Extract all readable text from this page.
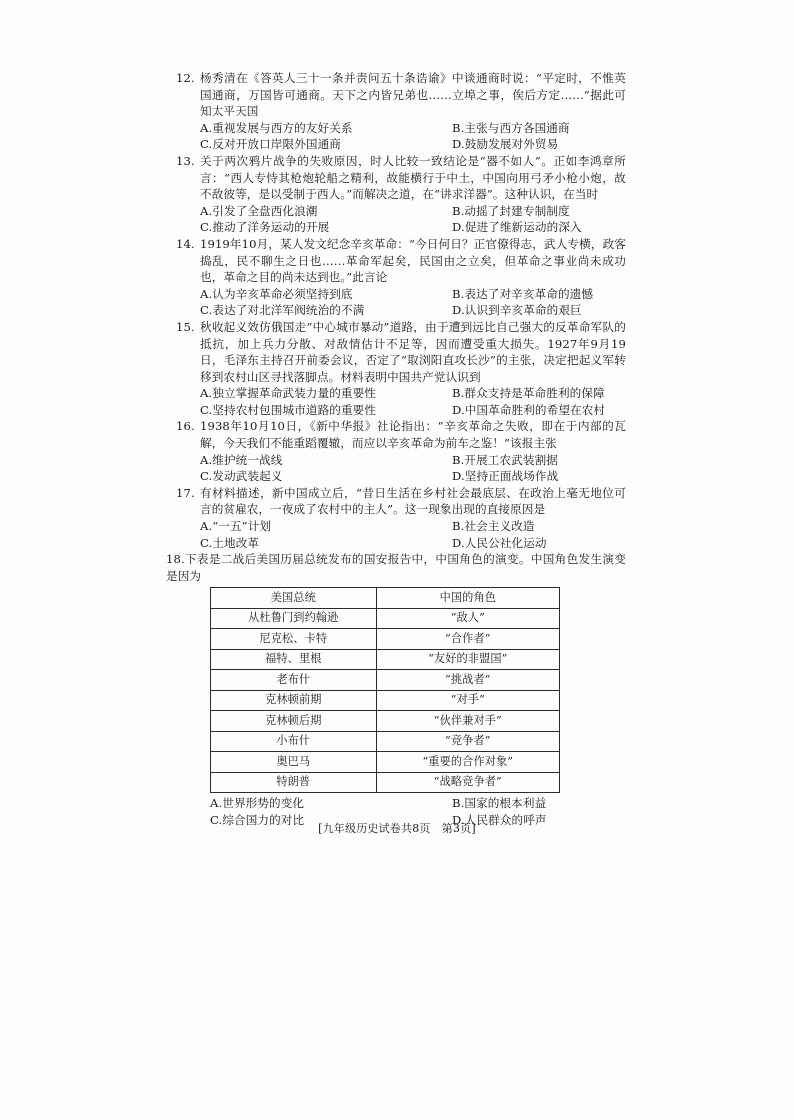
12. 杨秀清在《答英人三十一条并责问五十条诰谕》中谈通商时说：“平定时，不惟英国通商，万国皆可通商。天下之内皆兄弟也……立埠之事，俟后方定……”据此可知太平天国
A.重视发展与西方的友好关系	B.主张与西方各国通商
C.反对开放口岸限外国通商	D.鼓励发展对外贸易
13. 关于两次鸦片战争的失败原因，时人比较一致结论是“器不如人”。正如李鸿章所言：“西人专恃其枪炮轮船之精利，故能横行于中土，中国向用弓矛小枪小炮，故不敌彼等，是以受制于西人。”而解决之道，在“讲求洋器”。这种认识，在当时
A.引发了全盘西化浪潮	B.动摇了封建专制制度
C.推动了洋务运动的开展	D.促进了维新运动的深入
14. 1919年10月，某人发文纪念辛亥革命：“今日何日？正官僚得志，武人专横，政客捣乱，民不聊生之日也……革命军起矣，民国由之立矣，但革命之事业尚未成功也，革命之目的尚未达到也。”此言论
A.认为辛亥革命必须坚持到底	B.表达了对辛亥革命的遗憾
C.表达了对北洋军阀统治的不满	D.认识到辛亥革命的艰巨
15. 秋收起义效仿俄国走“中心城市暴动”道路，由于遭到远比自己强大的反革命军队的抵抗，加上兵力分散、对敌情估计不足等，因而遭受重大损失。1927年9月19日，毛泽东主持召开前委会议，否定了“取浏阳直攻长沙”的主张，决定把起义军转移到农村山区寻找落脚点。材料表明中国共产党认识到
A.独立掌握革命武装力量的重要性	B.群众支持是革命胜利的保障
C.坚持农村包围城市道路的重要性	D.中国革命胜利的希望在农村
16. 1938年10月10日，《新中华报》社论指出：“辛亥革命之失败，即在于内部的瓦解，今天我们不能重蹈覆辙，而应以辛亥革命为前车之鉴！”该报主张
A.维护统一战线	B.开展工农武装割据
C.发动武装起义	D.坚持正面战场作战
17. 有材料描述，新中国成立后，“昔日生活在乡村社会最底层、在政治上毫无地位可言的贫雇农，一夜成了农村中的主人”。这一现象出现的直接原因是
A.“一五”计划	B.社会主义改造
C.土地改革	D.人民公社化运动
18.下表是二战后美国历届总统发布的国安报告中，中国角色的演变。中国角色发生演变是因为
美国总统	中国的角色
从杜鲁门到约翰逊	“敌人”
尼克松、卡特	“合作者”
福特、里根	“友好的非盟国”
老布什	“挑战者”
克林顿前期	“对手”
克林顿后期	“伙伴兼对手”
小布什	“竞争者”
奥巴马	“重要的合作对象”
特朗普	“战略竞争者”
A.世界形势的变化	B.国家的根本利益
C.综合国力的对比	D.人民群众的呼声
[九年级历史试卷共8页　第3页]
